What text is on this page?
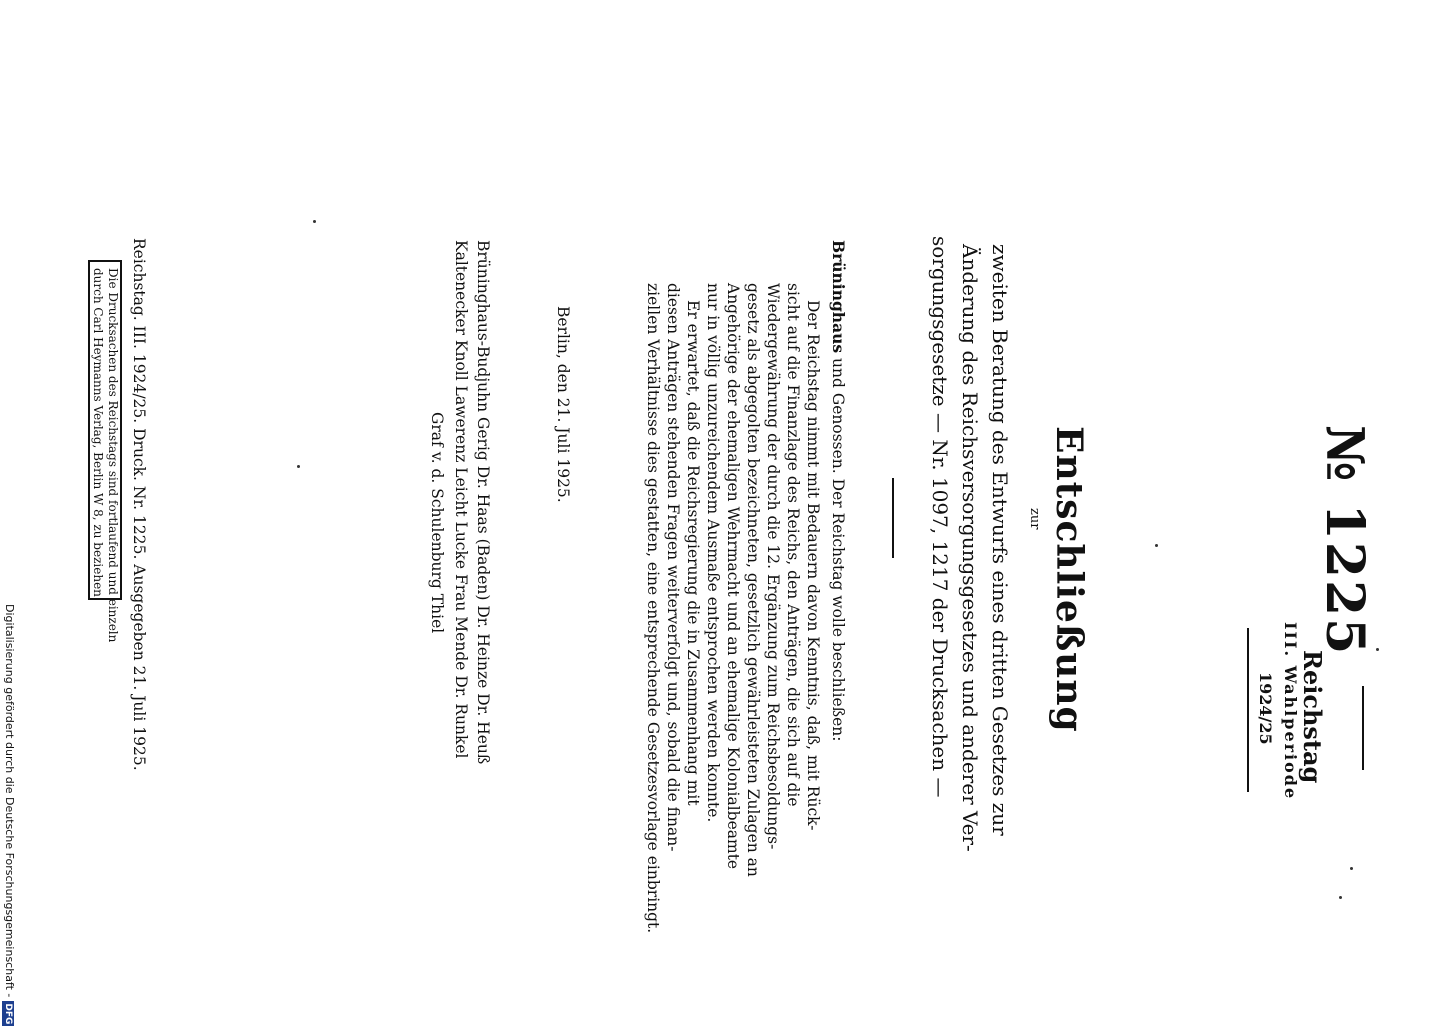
№ 1225
Reichstag
III. Wahlperiode
1924/25
Entschließung
zur
zweiten Beratung des Entwurfs eines dritten Gesetzes zur
Änderung des Reichsversorgungsgesetzes und anderer Ver-
sorgungsgesetze — Nr. 1097, 1217 der Drucksachen —
Brüninghaus und Genossen. Der Reichstag wolle beschließen:
Der Reichstag nimmt mit Bedauern davon Kenntnis, daß, mit Rück-
sicht auf die Finanzlage des Reichs, den Anträgen, die sich auf die
Wiedergewährung der durch die 12. Ergänzung zum Reichsbesoldungs-
gesetz als abgegolten bezeichneten, gesetzlich gewährleisteten Zulagen an
Angehörige der ehemaligen Wehrmacht und an ehemalige Kolonialbeamte
nur in völlig unzureichendem Ausmaße entsprochen werden konnte.
Er erwartet, daß die Reichsregierung die in Zusammenhang mit
diesen Anträgen stehenden Fragen weiterverfolgt und, sobald die finan-
ziellen Verhältnisse dies gestatten, eine entsprechende Gesetzesvorlage einbringt.
Berlin, den 21. Juli 1925.
Brüninghaus-Budjuhn Gerig Dr. Haas (Baden) Dr. Heinze Dr. Heuß
Kaltenecker Knoll Lawerenz Leicht Lucke Frau Mende Dr. Runkel
Graf v. d. Schulenburg Thiel
Reichstag. III. 1924/25. Druck. Nr. 1225. Ausgegeben 21. Juli 1925.
Die Drucksachen des Reichstags sind fortlaufend und einzeln
durch Carl Heymanns Verlag, Berlin W 8, zu beziehen.
Digitalisierung gefördert durch die Deutsche Forschungsgemeinschaft -DFG
